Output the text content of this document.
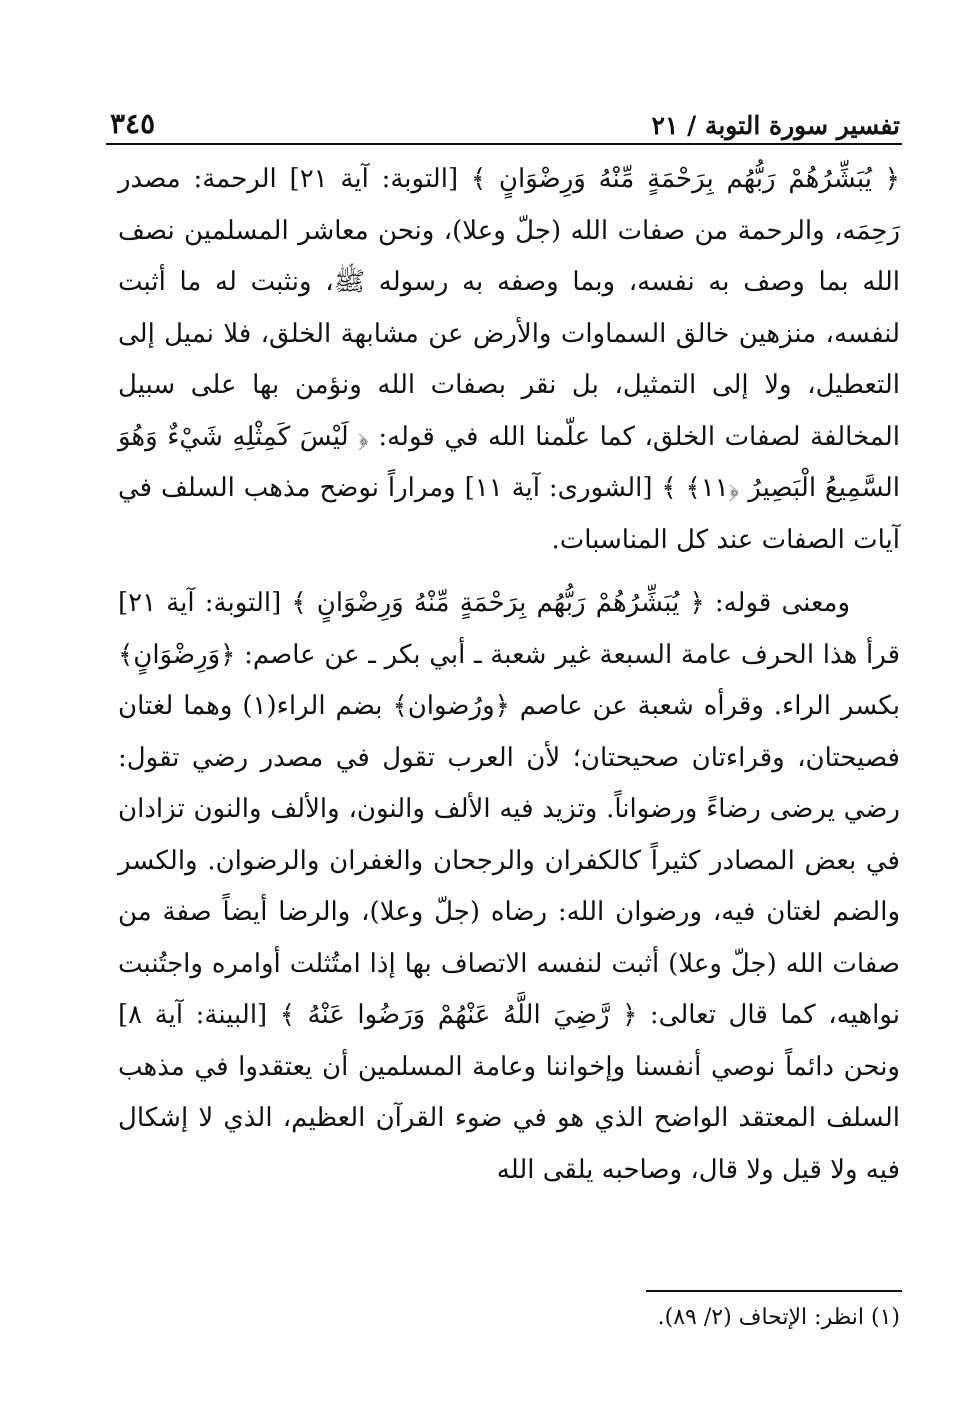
تفسير سورة التوبة / ٢١
٣٤٥

﴿ يُبَشِّرُهُمْ رَبُّهُم بِرَحْمَةٍ مِّنْهُ وَرِضْوَانٍ ﴾ [التوبة: آية ٢١] الرحمة: مصدر رَحِمَه، والرحمة من صفات الله (جلّ وعلا)، ونحن معاشر المسلمين نصف الله بما وصف به نفسه، وبما وصفه به رسوله ﷺ، ونثبت له ما أثبت لنفسه، منزهين خالق السماوات والأرض عن مشابهة الخلق، فلا نميل إلى التعطيل، ولا إلى التمثيل، بل نقر بصفات الله ونؤمن بها على سبيل المخالفة لصفات الخلق، كما علّمنا الله في قوله: ﴿ لَيْسَ كَمِثْلِهِ شَيْءٌ وَهُوَ السَّمِيعُ الْبَصِيرُ ﴿١١﴾ ﴾ [الشورى: آية ١١] ومراراً نوضح مذهب السلف في آيات الصفات عند كل المناسبات.

ومعنى قوله: ﴿ يُبَشِّرُهُمْ رَبُّهُم بِرَحْمَةٍ مِّنْهُ وَرِضْوَانٍ ﴾ [التوبة: آية ٢١] قرأ هذا الحرف عامة السبعة غير شعبة ـ أبي بكر ـ عن عاصم: ﴿وَرِضْوَانٍ﴾ بكسر الراء. وقرأه شعبة عن عاصم ﴿ورُضوان﴾ بضم الراء(١) وهما لغتان فصيحتان، وقراءتان صحيحتان؛ لأن العرب تقول في مصدر رضي تقول: رضي يرضى رضاءً ورضواناً. وتزيد فيه الألف والنون، والألف والنون تزادان في بعض المصادر كثيراً كالكفران والرجحان والغفران والرضوان. والكسر والضم لغتان فيه، ورضوان الله: رضاه (جلّ وعلا)، والرضا أيضاً صفة من صفات الله (جلّ وعلا) أثبت لنفسه الاتصاف بها إذا امتُثلت أوامره واجتُنبت نواهيه، كما قال تعالى: ﴿ رَّضِيَ اللَّهُ عَنْهُمْ وَرَضُوا عَنْهُ ﴾ [البينة: آية ٨] ونحن دائماً نوصي أنفسنا وإخواننا وعامة المسلمين أن يعتقدوا في مذهب السلف المعتقد الواضح الذي هو في ضوء القرآن العظيم، الذي لا إشكال فيه ولا قيل ولا قال، وصاحبه يلقى الله

(١) انظر: الإتحاف (٢/ ٨٩).
